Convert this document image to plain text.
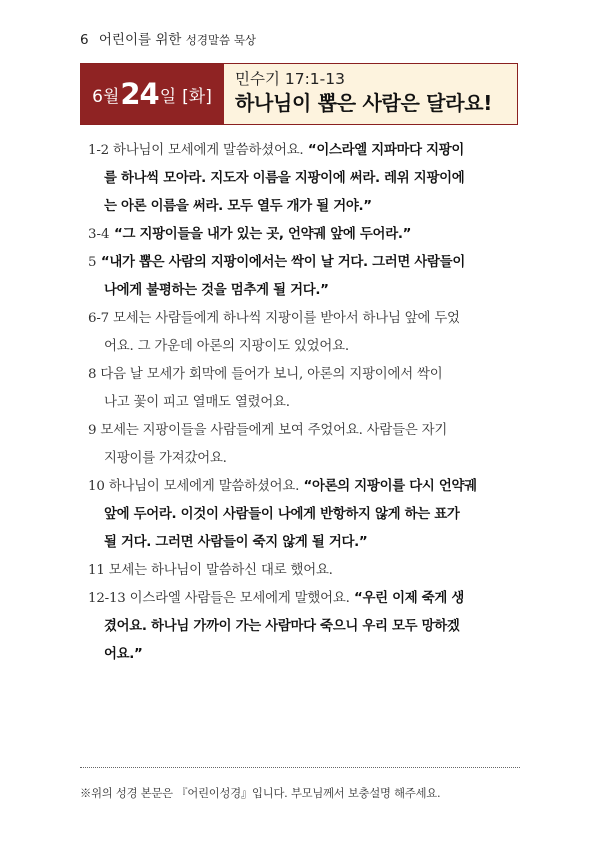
6 어린이를 위한 성경말씀 묵상
6월 24 일 [화]
민수기 17:1-13
하나님이 뽑은 사람은 달라요!

1-2 하나님이 모세에게 말씀하셨어요. “이스라엘 지파마다 지팡이

를 하나씩 모아라. 지도자 이름을 지팡이에 써라. 레위 지팡이에

는 아론 이름을 써라. 모두 열두 개가 될 거야.”

3-4 “그 지팡이들을 내가 있는 곳, 언약궤 앞에 두어라.”

5 “내가 뽑은 사람의 지팡이에서는 싹이 날 거다. 그러면 사람들이

나에게 불평하는 것을 멈추게 될 거다.”

6-7 모세는 사람들에게 하나씩 지팡이를 받아서 하나님 앞에 두었

어요. 그 가운데 아론의 지팡이도 있었어요.

8 다음 날 모세가 회막에 들어가 보니, 아론의 지팡이에서 싹이

나고 꽃이 피고 열매도 열렸어요.

9 모세는 지팡이들을 사람들에게 보여 주었어요. 사람들은 자기

지팡이를 가져갔어요.

10 하나님이 모세에게 말씀하셨어요. “아론의 지팡이를 다시 언약궤

앞에 두어라. 이것이 사람들이 나에게 반항하지 않게 하는 표가

될 거다. 그러면 사람들이 죽지 않게 될 거다.”

11 모세는 하나님이 말씀하신 대로 했어요.

12-13 이스라엘 사람들은 모세에게 말했어요. “우린 이제 죽게 생

겼어요. 하나님 가까이 가는 사람마다 죽으니 우리 모두 망하겠

어요.”

※위의 성경 본문은 『어린이성경』입니다. 부모님께서 보충설명 해주세요.
